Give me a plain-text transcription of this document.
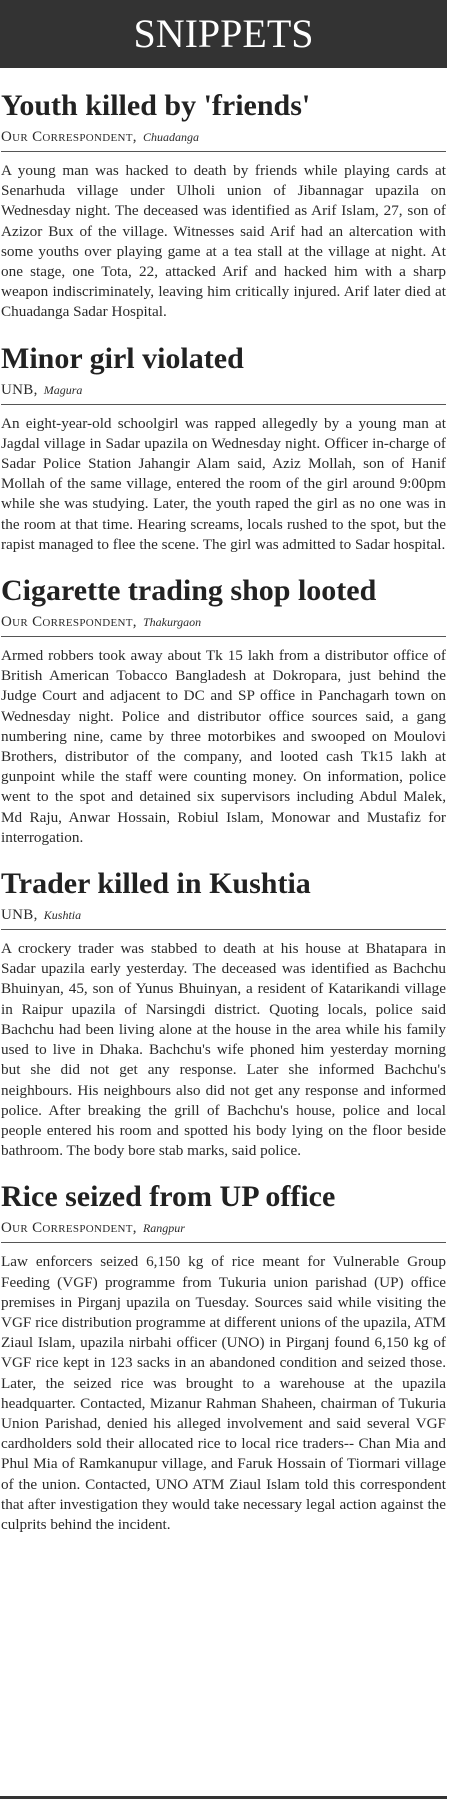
SNIPPETS
Youth killed by 'friends'
Our Correspondent, Chuadanga

A young man was hacked to death by friends while playing cards at Senarhuda village under Ulholi union of Jibannagar upazila on Wednesday night. The deceased was identified as Arif Islam, 27, son of Azizor Bux of the village. Witnesses said Arif had an altercation with some youths over playing game at a tea stall at the village at night. At one stage, one Tota, 22, attacked Arif and hacked him with a sharp weapon indiscriminately, leaving him critically injured. Arif later died at Chuadanga Sadar Hospital.

Minor girl violated
UNB, Magura

An eight-year-old schoolgirl was rapped allegedly by a young man at Jagdal village in Sadar upazila on Wednesday night. Officer in-charge of Sadar Police Station Jahangir Alam said, Aziz Mollah, son of Hanif Mollah of the same village, entered the room of the girl around 9:00pm while she was studying. Later, the youth raped the girl as no one was in the room at that time. Hearing screams, locals rushed to the spot, but the rapist managed to flee the scene. The girl was admitted to Sadar hospital.

Cigarette trading shop looted
Our Correspondent, Thakurgaon

Armed robbers took away about Tk 15 lakh from a distributor office of British American Tobacco Bangladesh at Dokropara, just behind the Judge Court and adjacent to DC and SP office in Panchagarh town on Wednesday night. Police and distributor office sources said, a gang numbering nine, came by three motorbikes and swooped on Moulovi Brothers, distributor of the company, and looted cash Tk15 lakh at gunpoint while the staff were counting money. On information, police went to the spot and detained six supervisors including Abdul Malek, Md Raju, Anwar Hossain, Robiul Islam, Monowar and Mustafiz for interrogation.

Trader killed in Kushtia
UNB, Kushtia

A crockery trader was stabbed to death at his house at Bhatapara in Sadar upazila early yesterday. The deceased was identified as Bachchu Bhuinyan, 45, son of Yunus Bhuinyan, a resident of Katarikandi village in Raipur upazila of Narsingdi district. Quoting locals, police said Bachchu had been living alone at the house in the area while his family used to live in Dhaka. Bachchu's wife phoned him yesterday morning but she did not get any response. Later she informed Bachchu's neighbours. His neighbours also did not get any response and informed police. After breaking the grill of Bachchu's house, police and local people entered his room and spotted his body lying on the floor beside bathroom. The body bore stab marks, said police.

Rice seized from UP office
Our Correspondent, Rangpur

Law enforcers seized 6,150 kg of rice meant for Vulnerable Group Feeding (VGF) programme from Tukuria union parishad (UP) office premises in Pirganj upazila on Tuesday. Sources said while visiting the VGF rice distribution programme at different unions of the upazila, ATM Ziaul Islam, upazila nirbahi officer (UNO) in Pirganj found 6,150 kg of VGF rice kept in 123 sacks in an abandoned condition and seized those. Later, the seized rice was brought to a warehouse at the upazila headquarter. Contacted, Mizanur Rahman Shaheen, chairman of Tukuria Union Parishad, denied his alleged involvement and said several VGF cardholders sold their allocated rice to local rice traders-- Chan Mia and Phul Mia of Ramkanupur village, and Faruk Hossain of Tiormari village of the union. Contacted, UNO ATM Ziaul Islam told this correspondent that after investigation they would take necessary legal action against the culprits behind the incident.
